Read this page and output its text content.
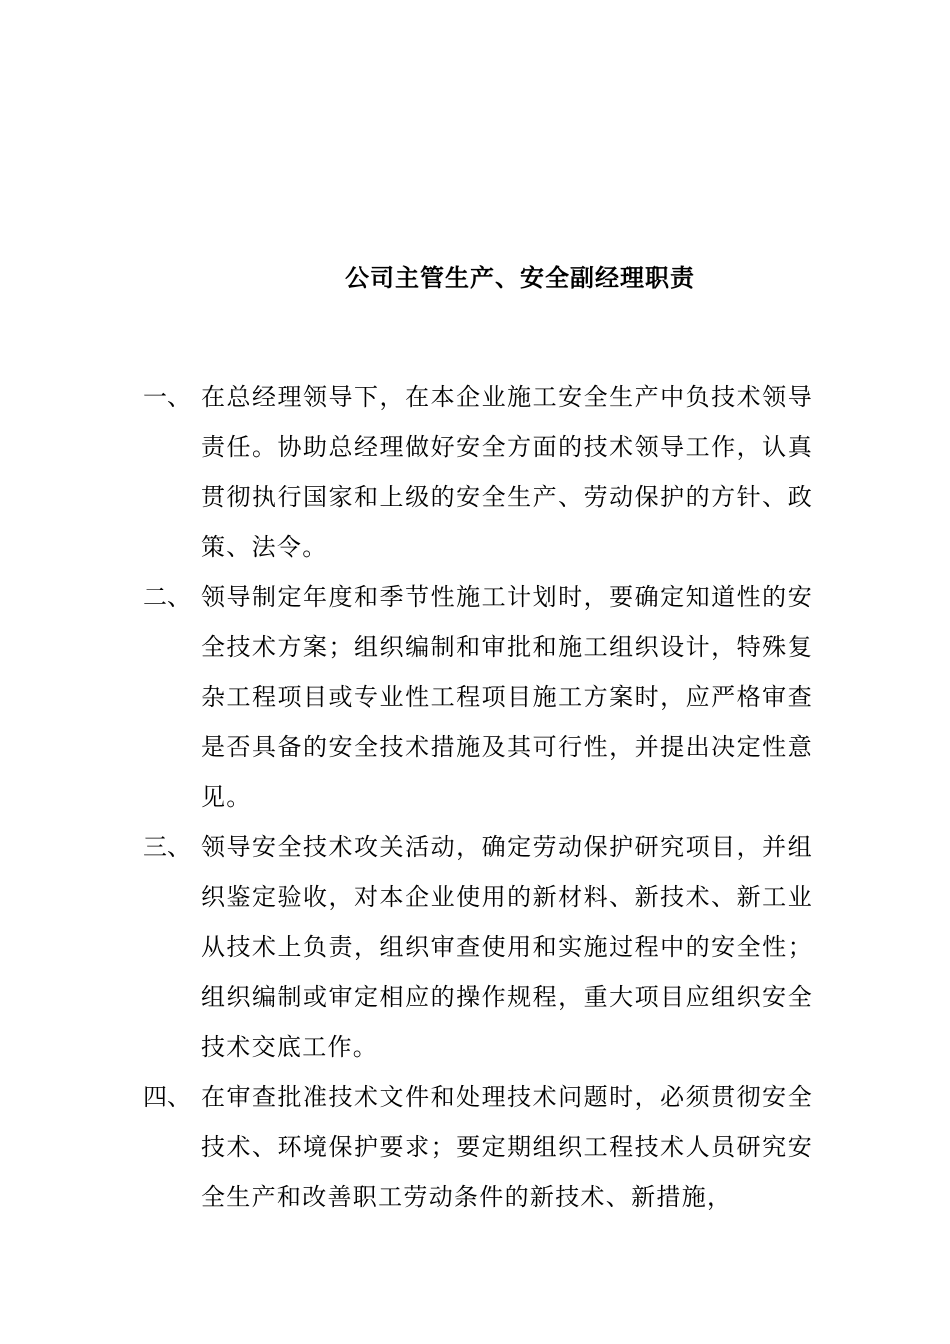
公司主管生产、安全副经理职责
一、 在总经理领导下，在本企业施工安全生产中负技术领导责任。协助总经理做好安全方面的技术领导工作，认真贯彻执行国家和上级的安全生产、劳动保护的方针、政策、法令。

二、 领导制定年度和季节性施工计划时，要确定知道性的安全技术方案；组织编制和审批和施工组织设计，特殊复杂工程项目或专业性工程项目施工方案时，应严格审查是否具备的安全技术措施及其可行性，并提出决定性意见。

三、 领导安全技术攻关活动，确定劳动保护研究项目，并组织鉴定验收，对本企业使用的新材料、新技术、新工业从技术上负责，组织审查使用和实施过程中的安全性；组织编制或审定相应的操作规程，重大项目应组织安全技术交底工作。

四、 在审查批准技术文件和处理技术问题时，必须贯彻安全技术、环境保护要求；要定期组织工程技术人员研究安全生产和改善职工劳动条件的新技术、新措施，
